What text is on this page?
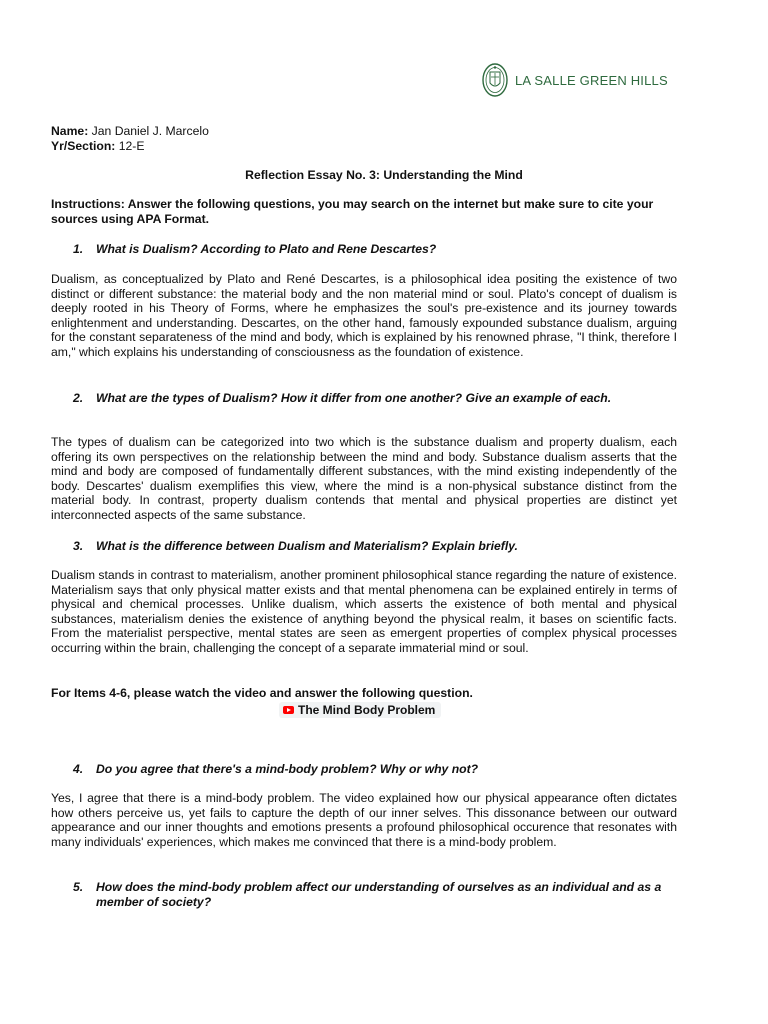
LA SALLE GREEN HILLS
Name: Jan Daniel J. Marcelo
Yr/Section: 12-E
Reflection Essay No. 3: Understanding the Mind
Instructions: Answer the following questions, you may search on the internet but make sure to cite your sources using APA Format.
1.	What is Dualism? According to Plato and Rene Descartes?
Dualism, as conceptualized by Plato and René Descartes, is a philosophical idea positing the existence of two distinct or different substance: the material body and the non material mind or soul. Plato's concept of dualism is deeply rooted in his Theory of Forms, where he emphasizes the soul's pre-existence and its journey towards enlightenment and understanding. Descartes, on the other hand, famously expounded substance dualism, arguing for the constant separateness of the mind and body, which is explained by his renowned phrase, "I think, therefore I am," which explains his understanding of consciousness as the foundation of existence.
2.	What are the types of Dualism? How it differ from one another? Give an example of each.
The types of dualism can be categorized into two which is the substance dualism and property dualism, each offering its own perspectives on the relationship between the mind and body. Substance dualism asserts that the mind and body are composed of fundamentally different substances, with the mind existing independently of the body. Descartes' dualism exemplifies this view, where the mind is a non-physical substance distinct from the material body. In contrast, property dualism contends that mental and physical properties are distinct yet interconnected aspects of the same substance.
3.	What is the difference between Dualism and Materialism? Explain briefly.
Dualism stands in contrast to materialism, another prominent philosophical stance regarding the nature of existence. Materialism says that only physical matter exists and that mental phenomena can be explained entirely in terms of physical and chemical processes. Unlike dualism, which asserts the existence of both mental and physical substances, materialism denies the existence of anything beyond the physical realm, it bases on scientific facts. From the materialist perspective, mental states are seen as emergent properties of complex physical processes occurring within the brain, challenging the concept of a separate immaterial mind or soul.
For Items 4-6, please watch the video and answer the following question.
The Mind Body Problem
4.	Do you agree that there's a mind-body problem? Why or why not?
Yes, I agree that there is a mind-body problem. The video explained how our physical appearance often dictates how others perceive us, yet fails to capture the depth of our inner selves. This dissonance between our outward appearance and our inner thoughts and emotions presents a profound philosophical occurence that resonates with many individuals' experiences, which makes me convinced that there is a mind-body problem.
5.	How does the mind-body problem affect our understanding of ourselves as an individual and as a member of society?
